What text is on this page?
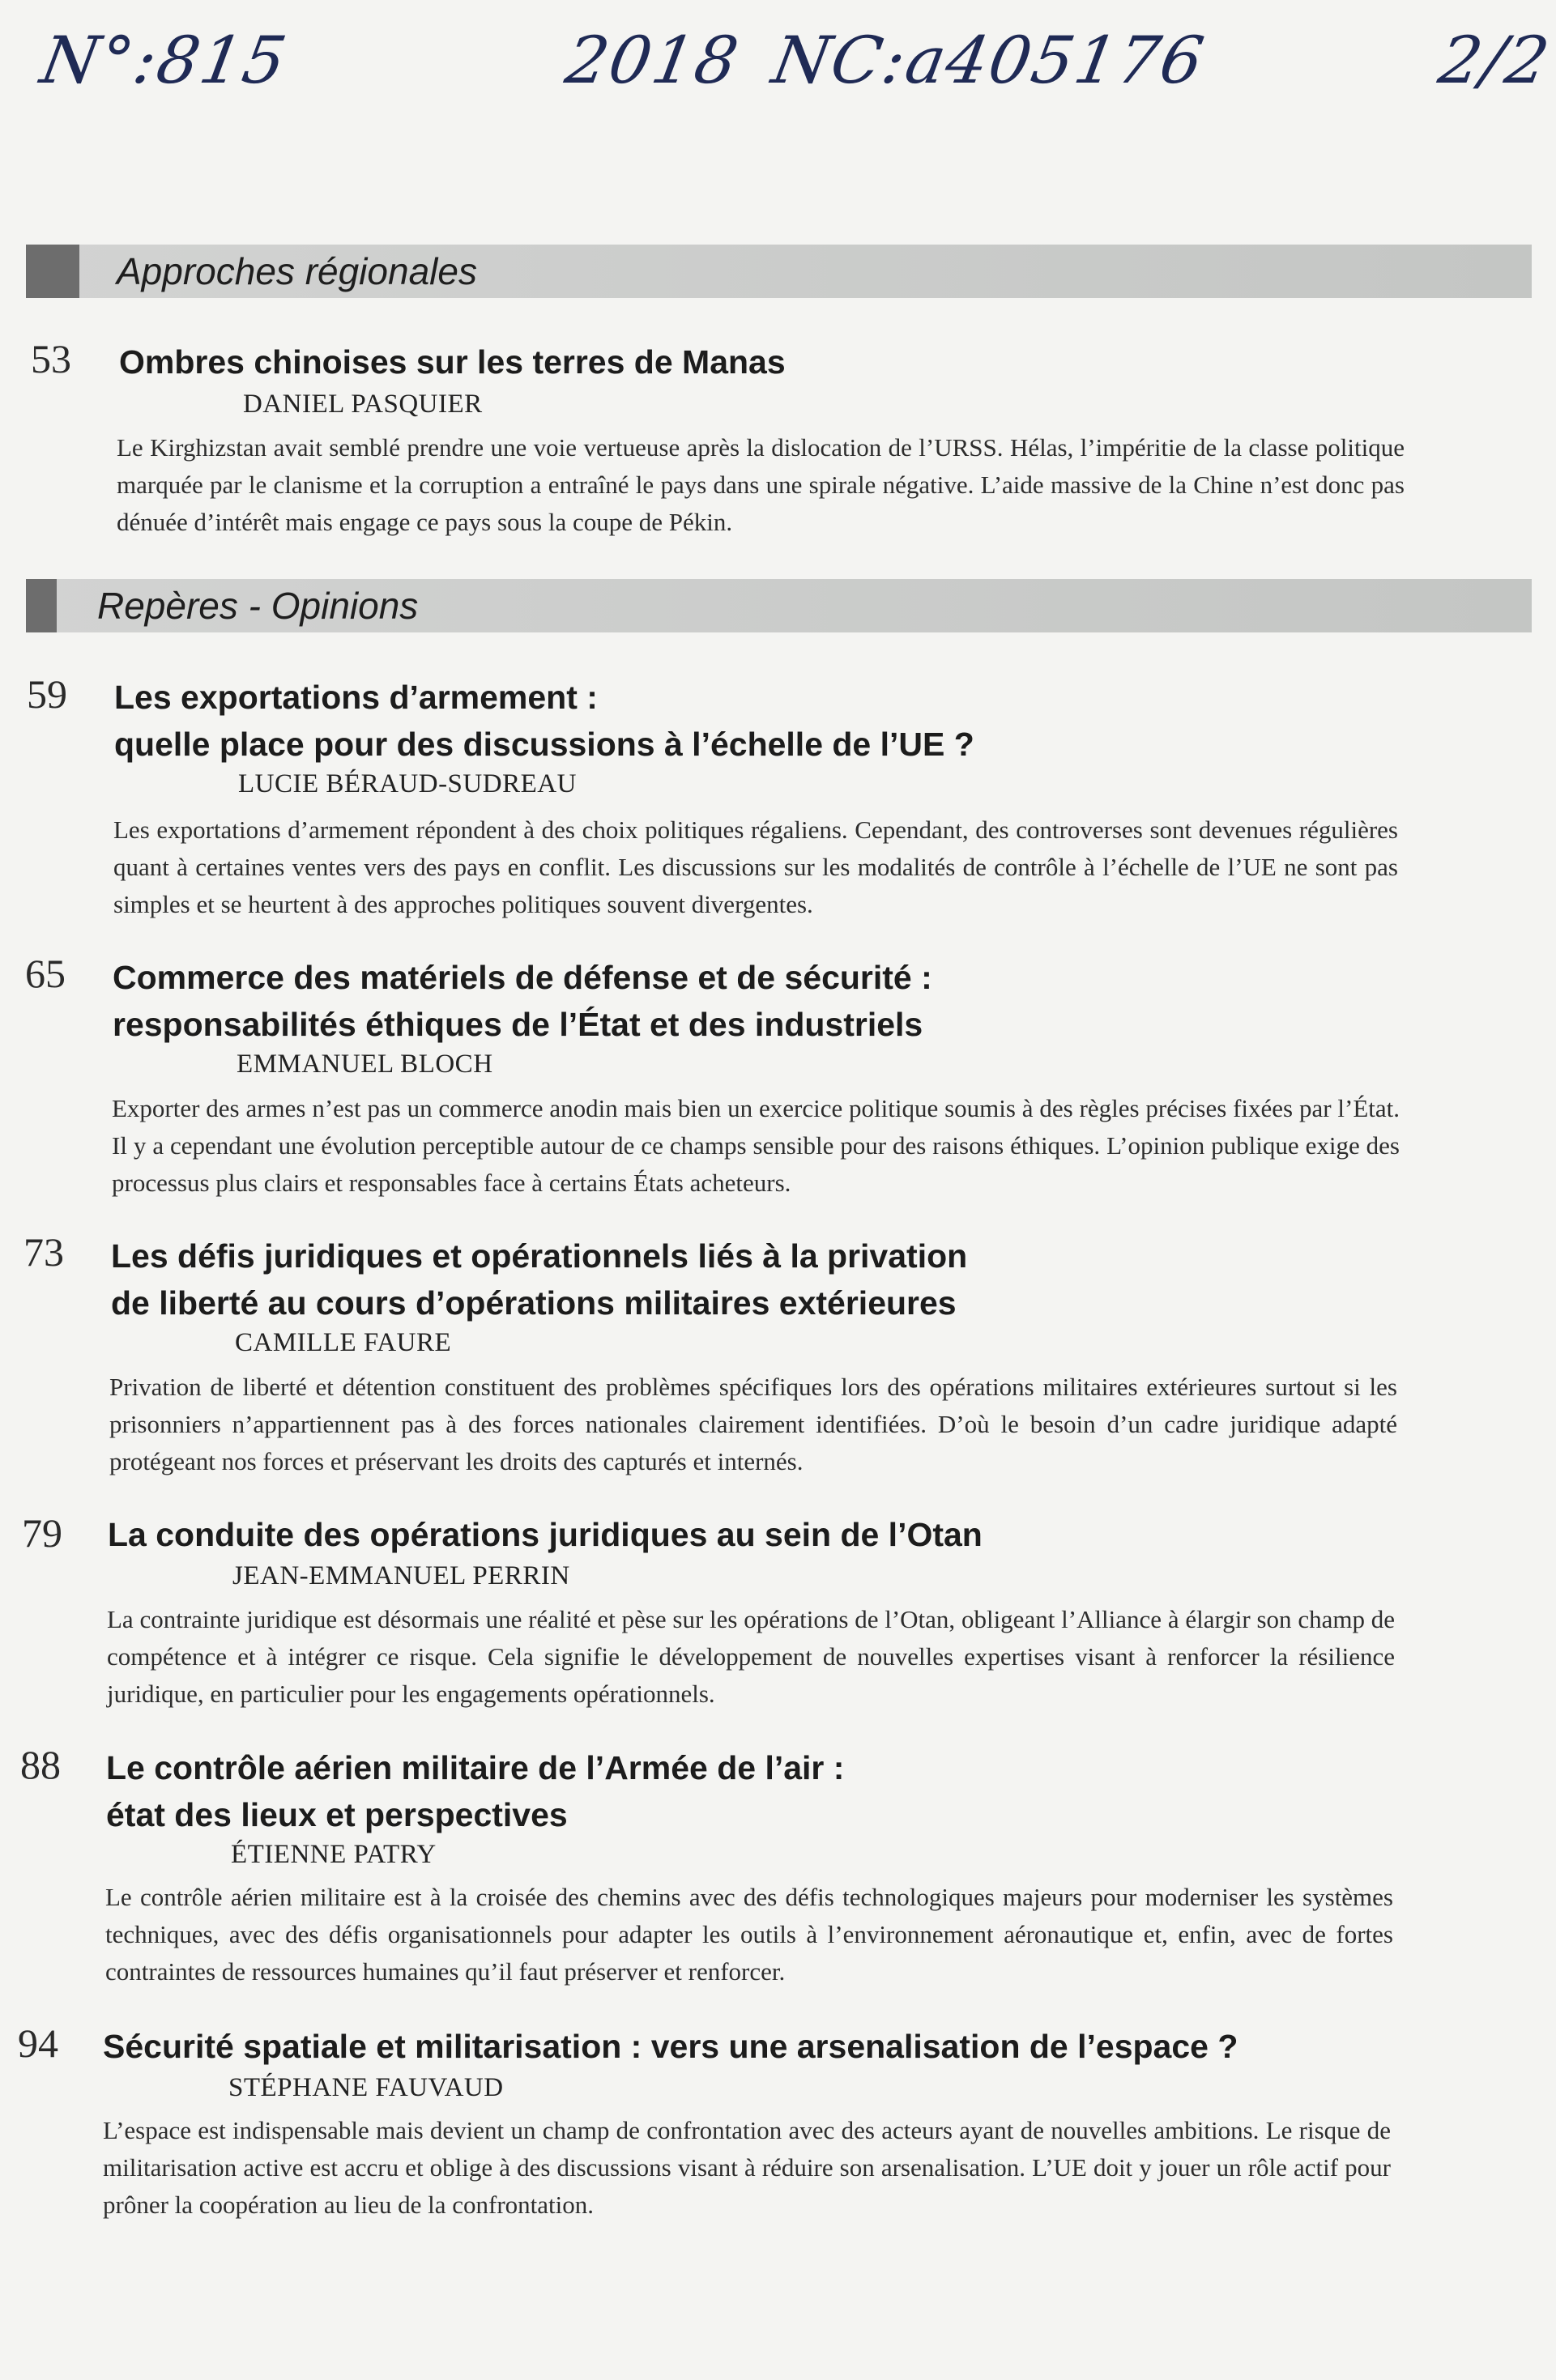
N°:815	2018 NC:a405176	2/2
Approches régionales
53 Ombres chinoises sur les terres de Manas
DANIEL PASQUIER

Le Kirghizstan avait semblé prendre une voie vertueuse après la dislocation de l’URSS. Hélas, l’impéritie de la classe politique marquée par le clanisme et la corruption a entraîné le pays dans une spirale négative. L’aide massive de la Chine n’est donc pas dénuée d’intérêt mais engage ce pays sous la coupe de Pékin.

Repères - Opinions
59 Les exportations d’armement :
quelle place pour des discussions à l’échelle de l’UE ?
LUCIE BÉRAUD-SUDREAU

Les exportations d’armement répondent à des choix politiques régaliens. Cependant, des controverses sont devenues régulières quant à certaines ventes vers des pays en conflit. Les discussions sur les modalités de contrôle à l’échelle de l’UE ne sont pas simples et se heurtent à des approches politiques souvent divergentes.

65 Commerce des matériels de défense et de sécurité :
responsabilités éthiques de l’État et des industriels
EMMANUEL BLOCH

Exporter des armes n’est pas un commerce anodin mais bien un exercice politique soumis à des règles précises fixées par l’État. Il y a cependant une évolution perceptible autour de ce champs sensible pour des raisons éthiques. L’opinion publique exige des processus plus clairs et responsables face à certains États acheteurs.

73 Les défis juridiques et opérationnels liés à la privation
de liberté au cours d’opérations militaires extérieures
CAMILLE FAURE

Privation de liberté et détention constituent des problèmes spécifiques lors des opérations militaires extérieures surtout si les prisonniers n’appartiennent pas à des forces nationales clairement identifiées. D’où le besoin d’un cadre juridique adapté protégeant nos forces et préservant les droits des capturés et internés.

79 La conduite des opérations juridiques au sein de l’Otan
JEAN-EMMANUEL PERRIN

La contrainte juridique est désormais une réalité et pèse sur les opérations de l’Otan, obligeant l’Alliance à élargir son champ de compétence et à intégrer ce risque. Cela signifie le développement de nouvelles expertises visant à renforcer la résilience juridique, en particulier pour les engagements opérationnels.

88 Le contrôle aérien militaire de l’Armée de l’air :
état des lieux et perspectives
ÉTIENNE PATRY

Le contrôle aérien militaire est à la croisée des chemins avec des défis technologiques majeurs pour moderniser les systèmes techniques, avec des défis organisationnels pour adapter les outils à l’environnement aéronautique et, enfin, avec de fortes contraintes de ressources humaines qu’il faut préserver et renforcer.

94 Sécurité spatiale et militarisation : vers une arsenalisation de l’espace ?
STÉPHANE FAUVAUD

L’espace est indispensable mais devient un champ de confrontation avec des acteurs ayant de nouvelles ambitions. Le risque de militarisation active est accru et oblige à des discussions visant à réduire son arsenalisation. L’UE doit y jouer un rôle actif pour prôner la coopération au lieu de la confrontation.
